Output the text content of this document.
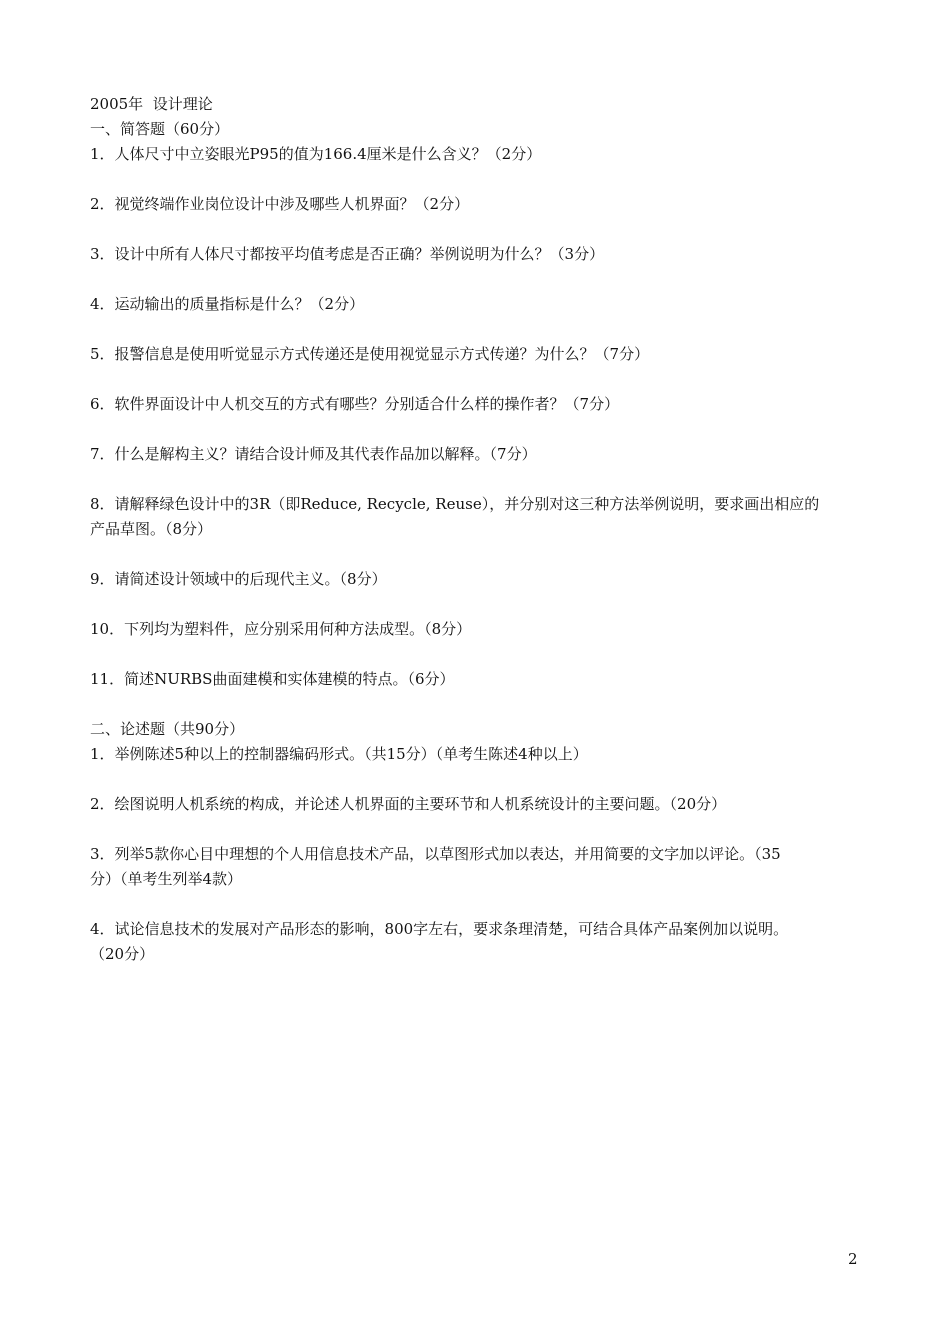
2005年  设计理论

一、简答题（60分）

1．人体尺寸中立姿眼光P95的值为166.4厘米是什么含义？（2分）

2．视觉终端作业岗位设计中涉及哪些人机界面？（2分）

3．设计中所有人体尺寸都按平均值考虑是否正确？举例说明为什么？（3分）

4．运动输出的质量指标是什么？（2分）

5．报警信息是使用听觉显示方式传递还是使用视觉显示方式传递？为什么？（7分）

6．软件界面设计中人机交互的方式有哪些？分别适合什么样的操作者？（7分）

7．什么是解构主义？请结合设计师及其代表作品加以解释。（7分）

8．请解释绿色设计中的3R（即Reduce, Recycle, Reuse），并分别对这三种方法举例说明，要求画出相应的

产品草图。（8分）

9．请简述设计领域中的后现代主义。（8分）

10．下列均为塑料件，应分别采用何种方法成型。（8分）

11．简述NURBS曲面建模和实体建模的特点。（6分）

二、论述题（共90分）

1．举例陈述5种以上的控制器编码形式。（共15分）（单考生陈述4种以上）

2．绘图说明人机系统的构成，并论述人机界面的主要环节和人机系统设计的主要问题。（20分）

3．列举5款你心目中理想的个人用信息技术产品，以草图形式加以表达，并用简要的文字加以评论。（35

分）（单考生列举4款）

4．试论信息技术的发展对产品形态的影响，800字左右，要求条理清楚，可结合具体产品案例加以说明。

（20分）

2
